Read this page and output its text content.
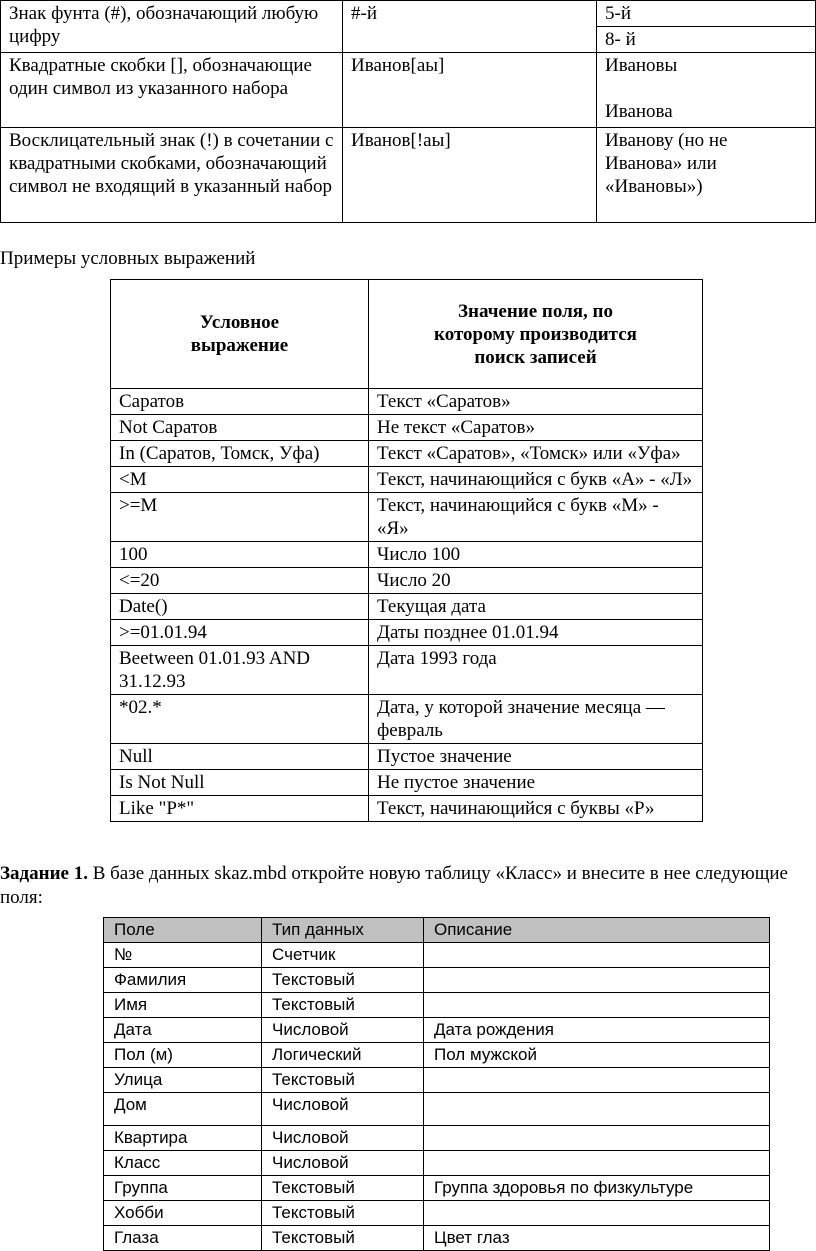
Знак фунта (#), обозначающий любую цифру	#-й	5-й
		8- й
Квадратные скобки [], обозначающие один символ из указанного набора	Иванов[аы]	Ивановы
Иванова

Восклицательный знак (!) в сочетании с квадратными скобками, обозначающий символ не входящий в указанный набор	Иванов[!аы]	Иванову (но не Иванова» или «Ивановы»)
Примеры условных выражений
Условное
выражение	Значение поля, по
которому производится
поиск записей

Саратов	Текст «Саратов»
Not Саратов	Не текст «Саратов»
In (Саратов, Томск, Уфа)	Текст «Саратов», «Томск» или «Уфа»
<М	Текст, начинающийся с букв «А» - «Л»
>=М	Текст, начинающийся с букв «М» - «Я»
100	Число 100
<=20	Число 20
Date()	Текущая дата
>=01.01.94	Даты позднее 01.01.94
Beetween 01.01.93 AND 31.12.93	Дата 1993 года
*02.*	Дата, у которой значение месяца — февраль
Null	Пустое значение
Is Not Null	Не пустое значение
Like "Р*"	Текст, начинающийся с буквы «Р»
Задание 1. В базе данных skaz.mbd откройте новую таблицу «Класс» и внесите в нее следующие поля:
Поле	Тип данных	Описание
№	Счетчик	
Фамилия	Текстовый	
Имя	Текстовый	
Дата	Числовой	Дата рождения
Пол (м)	Логический	Пол мужской
Улица	Текстовый	
Дом	Числовой	
Квартира	Числовой	
Класс	Числовой	
Группа	Текстовый	Группа здоровья по физкультуре
Хобби	Текстовый	
Глаза	Текстовый	Цвет глаз
